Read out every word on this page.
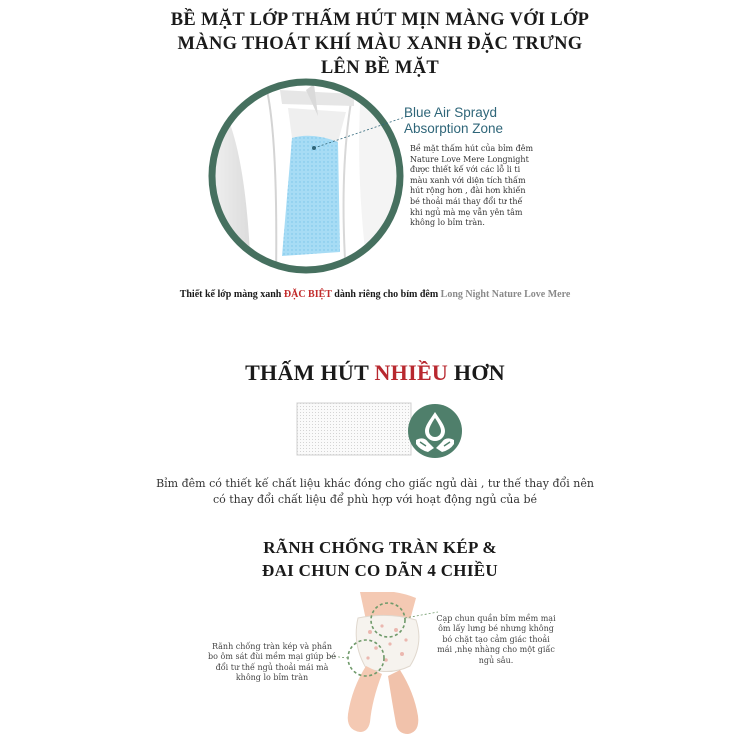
BỀ MẶT LỚP THẤM HÚT MỊN MÀNG VỚI LỚP
MÀNG THOÁT KHÍ MÀU XANH ĐẶC TRƯNG
LÊN BỀ MẶT
Blue Air Sprayd
Absorption Zone
Bề mặt thấm hút của bỉm đêm Nature Love Mere Longnight được thiết kế với các lỗ li ti màu xanh với diện tích thấm hút rộng hơn , đài hơn khiến bé thoải mái thay đổi tư thế khi ngủ mà mẹ vẫn yên tâm không lo bỉm tràn.
Thiết kế lớp màng xanh ĐẶC BIỆT dành riêng cho bỉm đêm Long Night Nature Love Mere
THẤM HÚT NHIỀU HƠN
Bỉm đêm có thiết kế chất liệu khác đóng cho giấc ngủ dài , tư thế thay đổi nên có thay đổi chất liệu để phù hợp với hoạt động ngủ của bé
RÃNH CHỐNG TRÀN KÉP &
ĐAI CHUN CO DÃN 4 CHIỀU
Cạp chun quần bỉm mềm mại ôm lấy lưng bé nhưng không bó chặt tạo cảm giác thoải mái ,nhẹ nhàng cho một giấc ngủ sâu.
Rãnh chống tràn kép và phần bo ôm sát đùi mềm mại giúp bé đổi tư thế ngủ thoải mái mà không lo bỉm tràn
